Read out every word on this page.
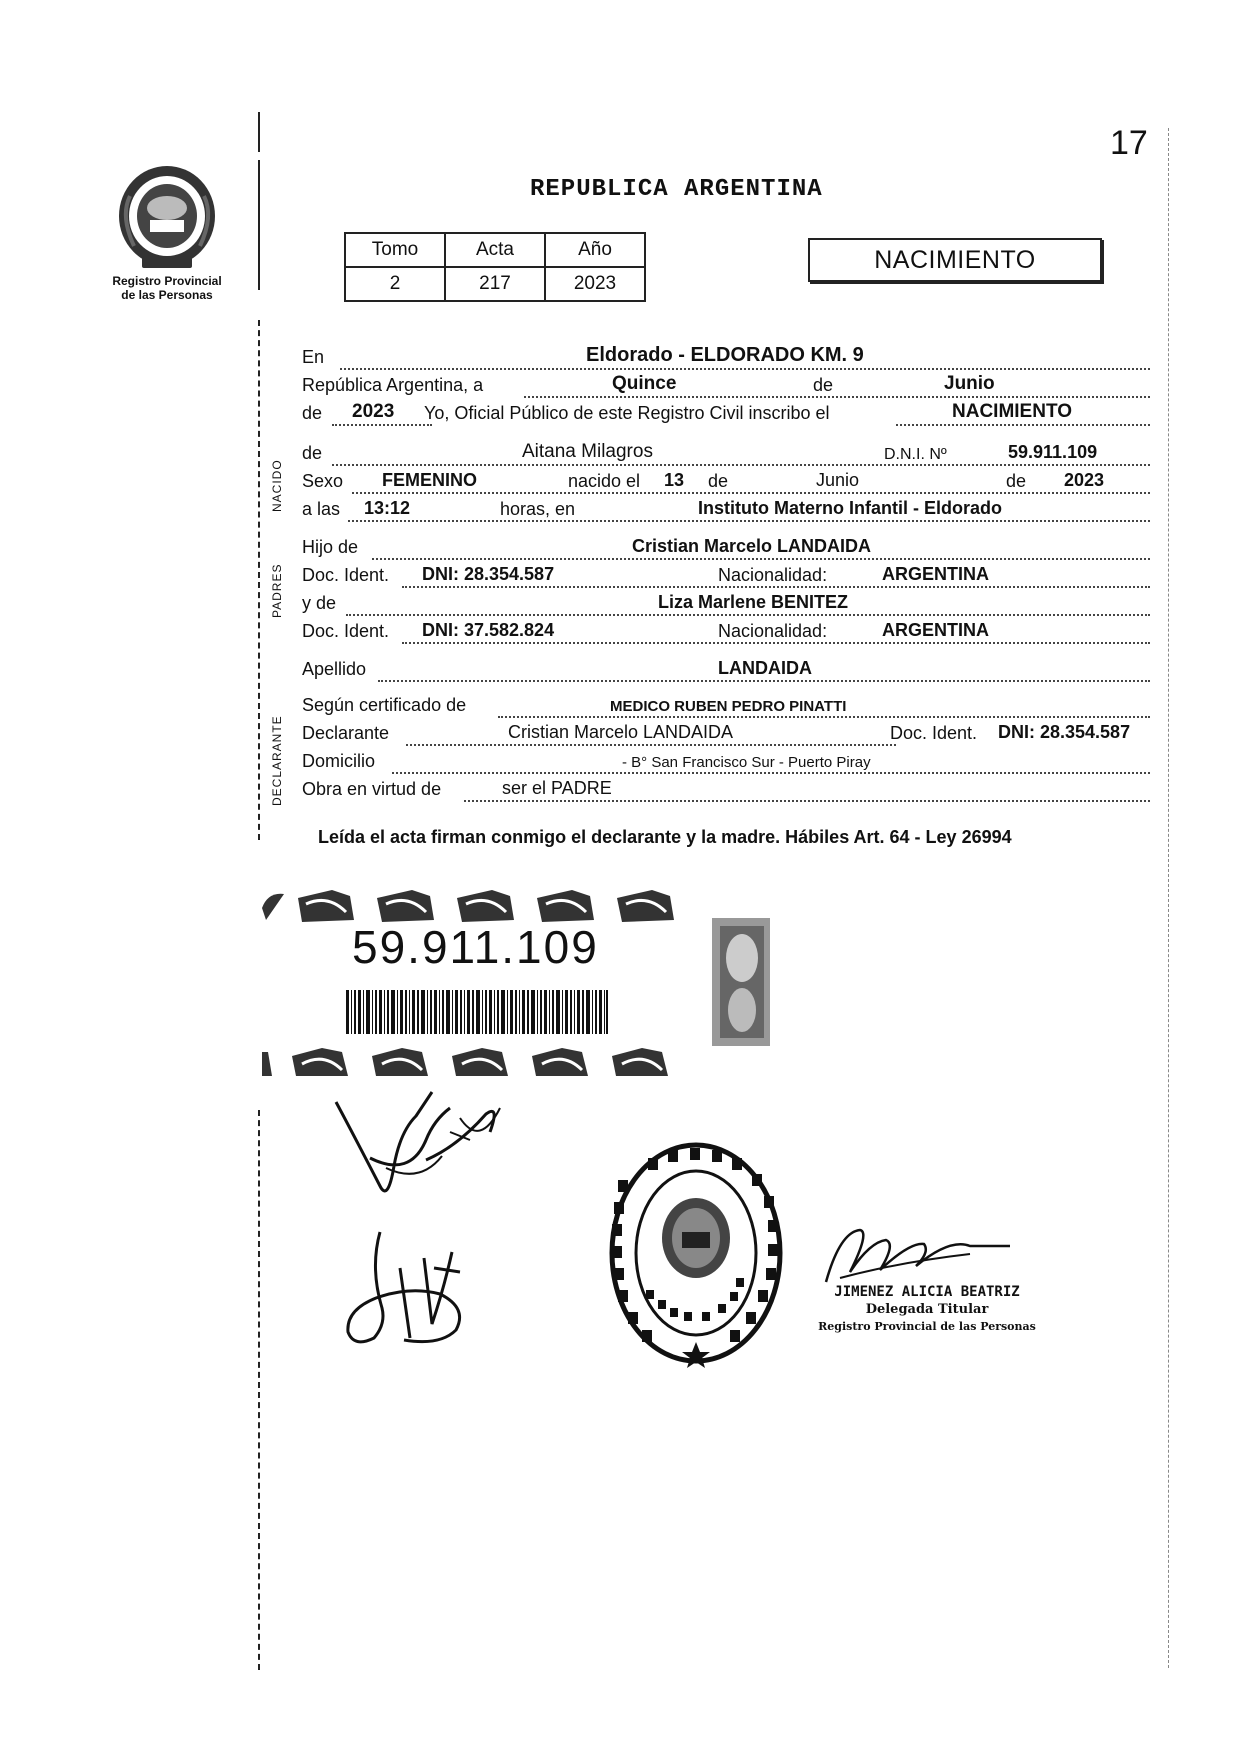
17
Registro Provincial
de las Personas
REPUBLICA ARGENTINA
Tomo	Acta	Año
2	217	2023
NACIMIENTO
NACIDO
PADRES
DECLARANTE
En	Eldorado - ELDORADO KM. 9
República Argentina, a	Quince	de	Junio
de 2023 Yo, Oficial Público de este Registro Civil inscribo el	NACIMIENTO
de	Aitana Milagros	D.N.I. Nº	59.911.109
Sexo FEMENINO	nacido el 13 de	Junio	de 2023
a las 13:12	horas, en	Instituto Materno Infantil - Eldorado
Hijo de	Cristian Marcelo LANDAIDA
Doc. Ident. DNI: 28.354.587	Nacionalidad:	ARGENTINA
y de	Liza Marlene BENITEZ
Doc. Ident. DNI: 37.582.824	Nacionalidad:	ARGENTINA
Apellido	LANDAIDA
Según certificado de	MEDICO RUBEN PEDRO PINATTI
Declarante	Cristian Marcelo LANDAIDA	Doc. Ident. DNI: 28.354.587
Domicilio	- B° San Francisco Sur - Puerto Piray
Obra en virtud de	ser el PADRE
Leída el acta firman conmigo el declarante y la madre. Hábiles Art. 64 - Ley 26994
59.911.109
JIMENEZ ALICIA BEATRIZ
Delegada Titular
Registro Provincial de las Personas
